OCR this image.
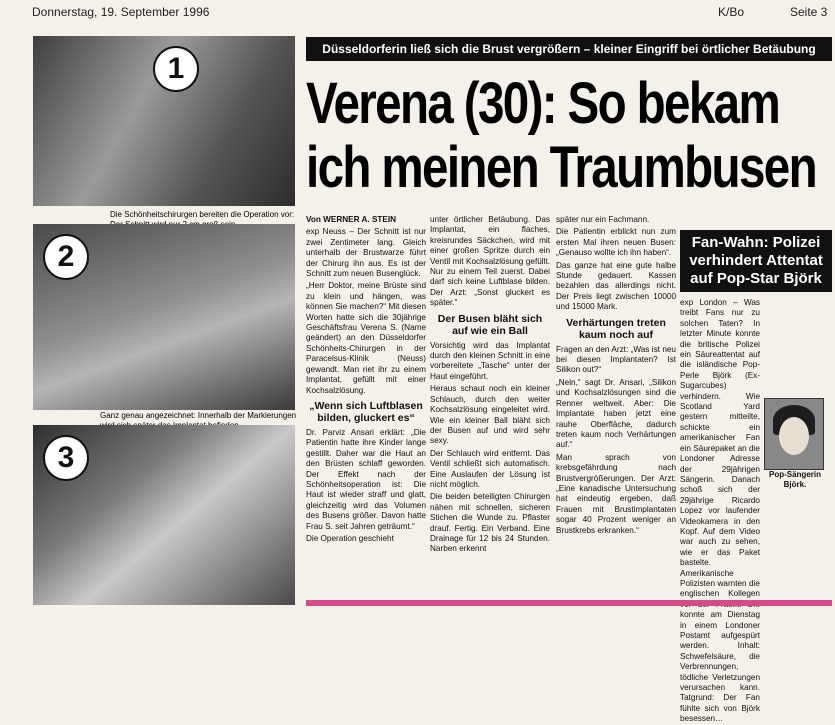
Donnerstag, 19. September 1996	K/Bo	Seite 3
1
Die Schönheitschirurgen bereiten die Operation vor:
2
Ganz genau angezeichnet: Innerhalb der Markierungen
3
Düsseldorferin ließ sich die Brust vergrößern – kleiner Eingriff bei örtlicher Betäubung
Verena (30): So bekam ich meinen Traumbusen

Von WERNER A. STEIN

exp Neuss – Der Schnitt ist nur zwei Zentimeter lang. Gleich unterhalb der Brustwarze führt der Chirurg ihn aus. Es ist der Schnitt zum neuen Busenglück.

„Herr Doktor, meine Brüste sind zu klein und hängen, was können Sie machen?“ Mit diesen Worten hatte sich die 30jährige Geschäftsfrau Verena S. (Name geändert) an den Düsseldorfer Schönheits-Chirurgen in der Paracelsus-Klinik (Neuss) gewandt. Man riet ihr zu einem Implantat, gefüllt mit einer Kochsalzlösung.

„Wenn sich Luftblasen bilden, gluckert es“

Dr. Parviz Ansari erklärt: „Die Patientin hatte ihre Kinder lange gestillt. Daher war die Haut an den Brüsten schlaff geworden. Der Effekt nach der Schönheitsoperation ist: Die Haut ist wieder straff und glatt, gleichzeitig wird das Volumen des Busens größer. Davon hatte Frau S. seit Jahren geträumt.“

Die Operation geschieht

unter örtlicher Betäubung. Das Implantat, ein flaches, kreisrundes Säckchen, wird mit einer großen Spritze durch ein Ventil mit Kochsalzlösung gefüllt. Nur zu einem Teil zuerst. Dabei darf sich keine Luftblase bilden. Der Arzt: „Sonst gluckert es später.“

Der Busen bläht sich auf wie ein Ball

Vorsichtig wird das Implantat durch den kleinen Schnitt in eine vorbereitete „Tasche“ unter der Haut eingeführt.

Heraus schaut noch ein kleiner Schlauch, durch den weiter Kochsalzlösung eingeleitet wird. Wie ein kleiner Ball bläht sich der Busen auf und wird sehr sexy.

Der Schlauch wird entfernt. Das Ventil schließt sich automatisch. Eine Auslaufen der Lösung ist nicht möglich.

Die beiden beteiligten Chirurgen nähen mit schnellen, sicheren Stichen die Wunde zu. Pflaster drauf. Fertig. Ein Verband. Eine Drainage für 12 bis 24 Stunden. Narben erkennt

später nur ein Fachmann.

Die Patientin erblickt nun zum ersten Mal ihren neuen Busen: „Genauso wollte ich ihn haben“.

Das ganze hat eine gute halbe Stunde gedauert. Kassen bezahlen das allerdings nicht. Der Preis liegt zwischen 10000 und 15000 Mark.

Verhärtungen treten kaum noch auf

Fragen an den Arzt: „Was ist neu bei diesen Implantaten? Ist Silikon out?“

„Nein,“ sagt Dr. Ansari, „Silikon und Kochsalzlösungen sind die Renner weltweit. Aber: Die Implantate haben jetzt eine rauhe Oberfläche, dadurch treten kaum noch Verhärtungen auf.“

Man sprach von krebsgefährdung nach Brustvergrößerungen. Der Arzt: „Eine kanadische Untersuchung hat eindeutig ergeben, daß Frauen mit Brustimplantaten sogar 40 Prozent weniger an Brustkrebs erkranken.“

Fan-Wahn: Polizei verhindert Attentat auf Pop-Star Björk
exp London – Was treibt Fans nur zu solchen Taten? In letzter Minute konnte die britische Polizei ein Säureattentat auf die isländische Pop-Perle Björk (Ex-Sugarcubes) verhindern. Wie Scotland Yard gestern mitteilte, schickte ein amerikanischer Fan ein Säurepaket an die Londoner Adresse der 29jährigen Sängerin. Danach schoß sich der 29jährige Ricardo Lopez vor laufender Videokamera in den Kopf. Auf dem Video war auch zu sehen, wie er das Paket bastelte. Amerikanische Polizisten warnten die englischen Kollegen konnte am Dienstag in einem Londoner Postamt aufgespürt werden. Inhalt: Schwefelsäure, die Verbrennungen, tödliche Verletzungen verursachen kann. Tatgrund: Der Fan fühlte sich von Björk besessen…
Pop-Sängerin Björk.
